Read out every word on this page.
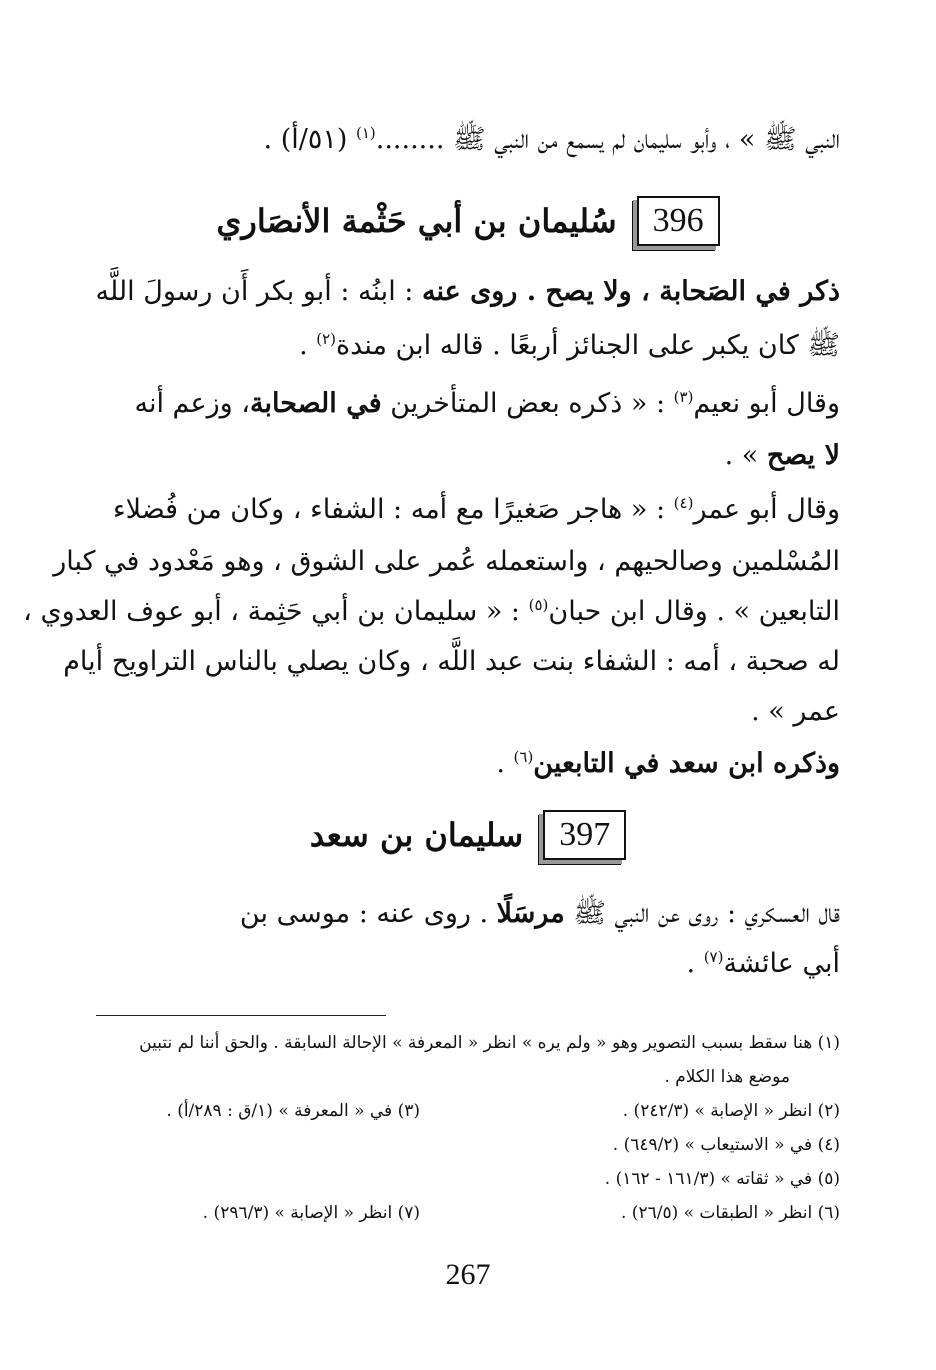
النبي ﷺ » ، وأبو سليمان لم يسمع من النبي ﷺ ........$^{(١)}$ (٥١/أ) .
396
سُليمان بن أبي حَثْمة الأنصَاري
ذكر في الصَحابة ، ولا يصح . روى عنه : ابنُه : أبو بكر أَن رسولَ اللَّه
ﷺ كان يكبر على الجنائز أربعًا . قاله ابن مندة$^{(٢)}$ .
وقال أبو نعيم$^{(٣)}$ : « ذكره بعض المتأخرين في الصحابة، وزعم أنه
لا يصح » .
وقال أبو عمر$^{(٤)}$ : « هاجر صَغيرًا مع أمه : الشفاء ، وكان من فُضلاء
المُسْلمين وصالحيهم ، واستعمله عُمر على الشوق ، وهو مَعْدود في كبار
التابعين » . وقال ابن حبان$^{(٥)}$ : « سليمان بن أبي حَثِمة ، أبو عوف العدوي ،
له صحبة ، أمه : الشفاء بنت عبد اللَّه ، وكان يصلي بالناس التراويح أيام
عمر » .
وذكره ابن سعد في التابعين$^{(٦)}$ .
397
سليمان بن سعد
قال العسكري : روى عن النبي ﷺ مرسَلًا . روى عنه : موسى بن
أبي عائشة$^{(٧)}$ .
(١) هنا سقط بسبب التصوير وهو « ولم يره » انظر « المعرفة » الإحالة السابقة . والحق أننا لم نتبين
موضع هذا الكلام .
(٢) انظر « الإصابة » (٢٤٢/٣) .
(٣) في « المعرفة » (١/ق : ٢٨٩/أ) .
(٤) في « الاستيعاب » (٦٤٩/٢) .
(٥) في « ثقاته » (١٦١/٣ - ١٦٢) .
(٦) انظر « الطبقات » (٢٦/٥) .
(٧) انظر « الإصابة » (٢٩٦/٣) .
267
